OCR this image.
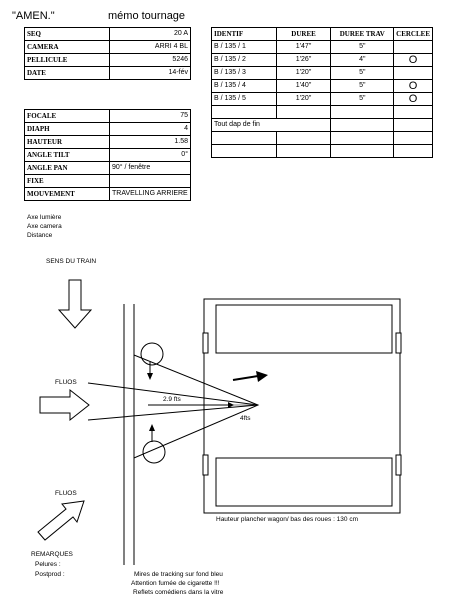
"AMEN."	mémo tournage
SEQ	20 A
CAMERA	ARRI 4 BL
PELLICULE	5246
DATE	14-fév
FOCALE	75
DIAPH	4
HAUTEUR	1.58
ANGLE TILT	0°
ANGLE PAN	90° / fenêtre
FIXE	
MOUVEMENT	TRAVELLING ARRIERE
IDENTIF	DUREE	DUREE TRAV	CERCLEE
B / 135 / 1	1'47"	5"	
B / 135 / 2	1'26"	4"	O
B / 135 / 3	1'20"	5"	
B / 135 / 4	1'40"	5"	O
B / 135 / 5	1'20"	5"	O

Tout dap de fin			

Axe lumière
Axe camera
Distance
SENS DU TRAIN
FLUOS
FLUOS
2.9 fts
4fts
Hauteur plancher wagon/ bas des roues : 130 cm
REMARQUES
Pelures :
Postprod :	Mires de tracking sur fond bleu
Attention fumée de cigarette !!!
Reflets comédiens dans la vitre
